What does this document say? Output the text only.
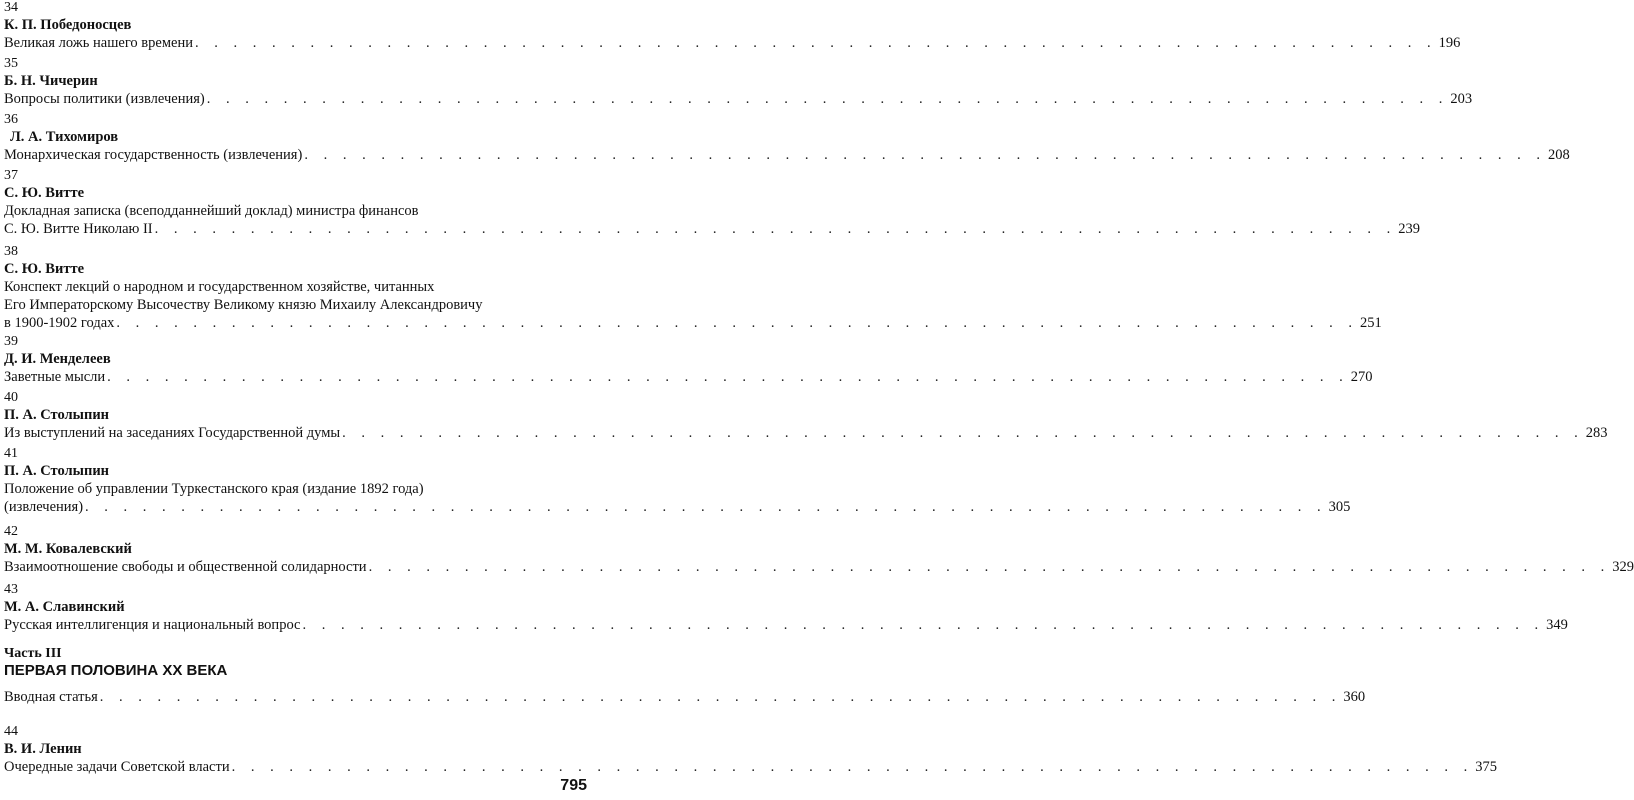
34
К. П. Победоносцев
Великая ложь нашего времени . . . . . . . . . . . . . . . . . . . . . . . . . . . . . . . . . . . . . . . . . . . . . . . . . . . . . . . . . . . . . . . . . 196
35
Б. Н. Чичерин
Вопросы политики (извлечения) . . . . . . . . . . . . . . . . . . . . . . . . . . . . . . . . . . . . . . . . . . . . . . . . . . . . . . . . . . . . . . . . . 203
36
Л. А. Тихомиров
Монархическая государственность (извлечения) . . . . . . . . . . . . . . . . . . . . . . . . . . . . . . . . . . . . . . . . . . . . . . . . . . . . . . . . . . . . . . . . . 208
37
С. Ю. Витте
Докладная записка (всеподданнейший доклад) министра финансов
С. Ю. Витте Николаю II . . . . . . . . . . . . . . . . . . . . . . . . . . . . . . . . . . . . . . . . . . . . . . . . . . . . . . . . . . . . . . . . . 239
38
С. Ю. Витте
Конспект лекций о народном и государственном хозяйстве, читанных
Его Императорскому Высочеству Великому князю Михаилу Александровичу
в 1900-1902 годах . . . . . . . . . . . . . . . . . . . . . . . . . . . . . . . . . . . . . . . . . . . . . . . . . . . . . . . . . . . . . . . . . 251
39
Д. И. Менделеев
Заветные мысли . . . . . . . . . . . . . . . . . . . . . . . . . . . . . . . . . . . . . . . . . . . . . . . . . . . . . . . . . . . . . . . . . 270
40
П. А. Столыпин
Из выступлений на заседаниях Государственной думы . . . . . . . . . . . . . . . . . . . . . . . . . . . . . . . . . . . . . . . . . . . . . . . . . . . . . . . . . . . . . . . . . 283
41
П. А. Столыпин
Положение об управлении Туркестанского края (издание 1892 года)
(извлечения) . . . . . . . . . . . . . . . . . . . . . . . . . . . . . . . . . . . . . . . . . . . . . . . . . . . . . . . . . . . . . . . . . 305
42
М. М. Ковалевский
Взаимоотношение свободы и общественной солидарности . . . . . . . . . . . . . . . . . . . . . . . . . . . . . . . . . . . . . . . . . . . . . . . . . . . . . . . . . . . . . . . . . 329
43
М. А. Славинский
Русская интеллигенция и национальный вопрос . . . . . . . . . . . . . . . . . . . . . . . . . . . . . . . . . . . . . . . . . . . . . . . . . . . . . . . . . . . . . . . . . 349
Часть III
ПЕРВАЯ ПОЛОВИНА XX ВЕКА
Вводная статья . . . . . . . . . . . . . . . . . . . . . . . . . . . . . . . . . . . . . . . . . . . . . . . . . . . . . . . . . . . . . . . . . 360
44
В. И. Ленин
Очередные задачи Советской власти . . . . . . . . . . . . . . . . . . . . . . . . . . . . . . . . . . . . . . . . . . . . . . . . . . . . . . . . . . . . . . . . . 375
795
